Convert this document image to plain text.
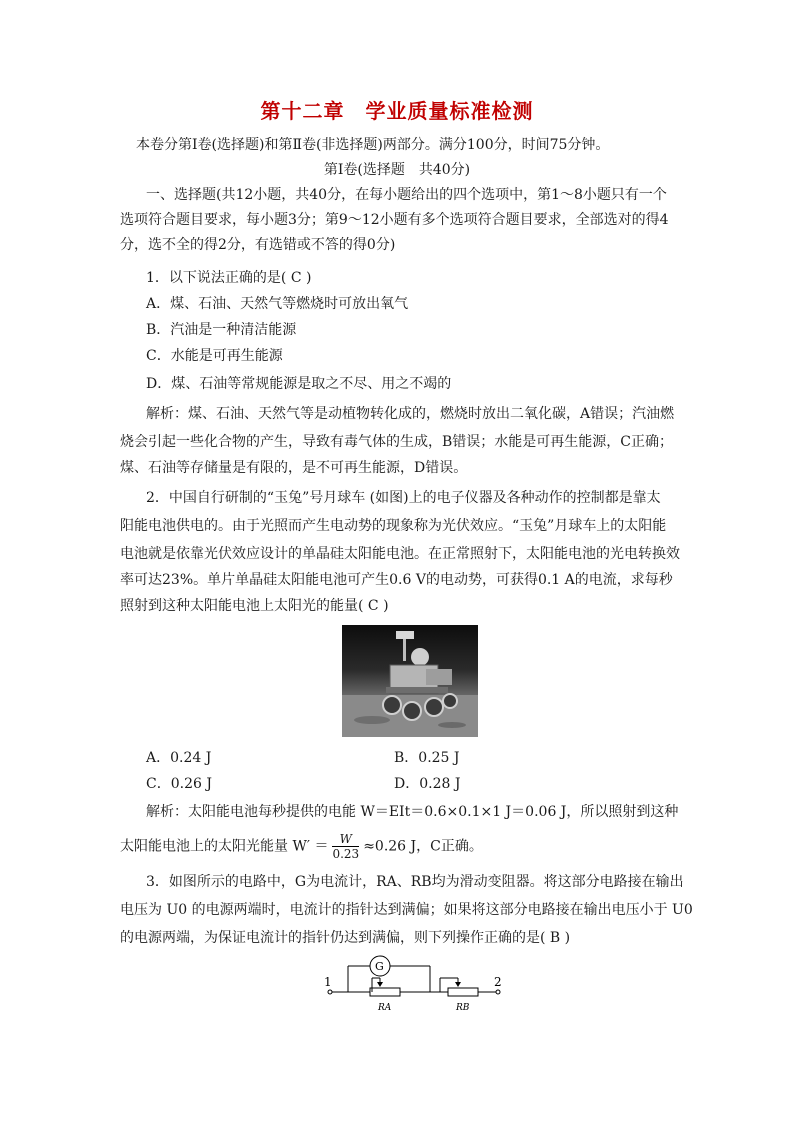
第十二章　学业质量标准检测
本卷分第Ⅰ卷(选择题)和第Ⅱ卷(非选择题)两部分。满分100分，时间75分钟。
第Ⅰ卷(选择题　共40分)
一、选择题(共12小题，共40分，在每小题给出的四个选项中，第1～8小题只有一个
选项符合题目要求，每小题3分；第9～12小题有多个选项符合题目要求，全部选对的得4
分，选不全的得2分，有选错或不答的得0分)
1．以下说法正确的是( C )
A．煤、石油、天然气等燃烧时可放出氧气
B．汽油是一种清洁能源
C．水能是可再生能源
D．煤、石油等常规能源是取之不尽、用之不竭的
解析：煤、石油、天然气等是动植物转化成的，燃烧时放出二氧化碳，A错误；汽油燃
烧会引起一些化合物的产生，导致有毒气体的生成，B错误；水能是可再生能源，C正确；
煤、石油等存储量是有限的，是不可再生能源，D错误。
2．中国自行研制的“玉兔”号月球车 (如图)上的电子仪器及各种动作的控制都是靠太
阳能电池供电的。由于光照而产生电动势的现象称为光伏效应。“玉兔”月球车上的太阳能
电池就是依靠光伏效应设计的单晶硅太阳能电池。在正常照射下，太阳能电池的光电转换效
率可达23%。单片单晶硅太阳能电池可产生0.6 V的电动势，可获得0.1 A的电流，求每秒
照射到这种太阳能电池上太阳光的能量( C )
A．0.24 J	B．0.25 J
C．0.26 J	D．0.28 J
解析：太阳能电池每秒提供的电能 W＝EIt＝0.6×0.1×1 J＝0.06 J，所以照射到这种
太阳能电池上的太阳光能量 $W' = \frac{W}{0.23} \approx 0.26$ J，C正确。
3．如图所示的电路中，G为电流计，RA、RB均为滑动变阻器。将这部分电路接在输出
电压为 U0 的电源两端时，电流计的指针达到满偏；如果将这部分电路接在输出电压小于 U0
的电源两端，为保证电流计的指针仍达到满偏，则下列操作正确的是( B )
1	2
G
RA	RB
